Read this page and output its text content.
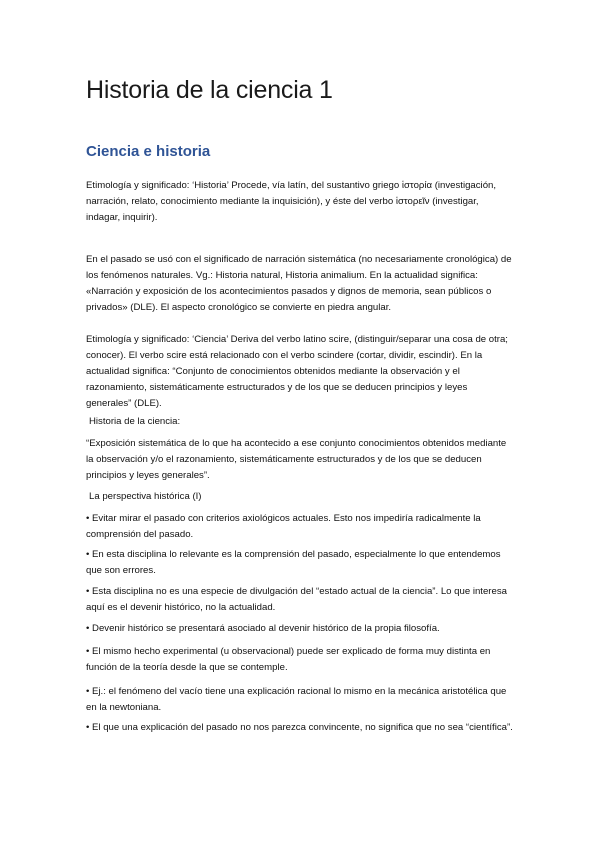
Historia de la ciencia 1
Ciencia e historia

Etimología y significado: ‘Historia’ Procede, vía latín, del sustantivo griego ἱστορία (investigación, narración, relato, conocimiento mediante la inquisición), y éste del verbo ἱστορεῖν (investigar, indagar, inquirir).

En el pasado se usó con el significado de narración sistemática (no necesariamente cronológica) de los fenómenos naturales. Vg.: Historia natural, Historia animalium. En la actualidad significa: «Narración y exposición de los acontecimientos pasados y dignos de memoria, sean públicos o privados» (DLE). El aspecto cronológico se convierte en piedra angular.

Etimología y significado: ‘Ciencia’ Deriva del verbo latino scire, (distinguir/separar una cosa de otra; conocer). El verbo scire está relacionado con el verbo scindere (cortar, dividir, escindir). En la actualidad significa: “Conjunto de conocimientos obtenidos mediante la observación y el razonamiento, sistemáticamente estructurados y de los que se deducen principios y leyes generales” (DLE).

Historia de la ciencia:

“Exposición sistemática de lo que ha acontecido a ese conjunto conocimientos obtenidos mediante la observación y/o el razonamiento, sistemáticamente estructurados y de los que se deducen principios y leyes generales”.

La perspectiva histórica (I)

• Evitar mirar el pasado con criterios axiológicos actuales. Esto nos impediría radicalmente la comprensión del pasado.

• En esta disciplina lo relevante es la comprensión del pasado, especialmente lo que entendemos que son errores.

• Esta disciplina no es una especie de divulgación del “estado actual de la ciencia”. Lo que interesa aquí es el devenir histórico, no la actualidad.

• Devenir histórico se presentará asociado al devenir histórico de la propia filosofía.

• El mismo hecho experimental (u observacional) puede ser explicado de forma muy distinta en función de la teoría desde la que se contemple.

• Ej.: el fenómeno del vacío tiene una explicación racional lo mismo en la mecánica aristotélica que en la newtoniana.

• El que una explicación del pasado no nos parezca convincente, no significa que no sea “científica”.
